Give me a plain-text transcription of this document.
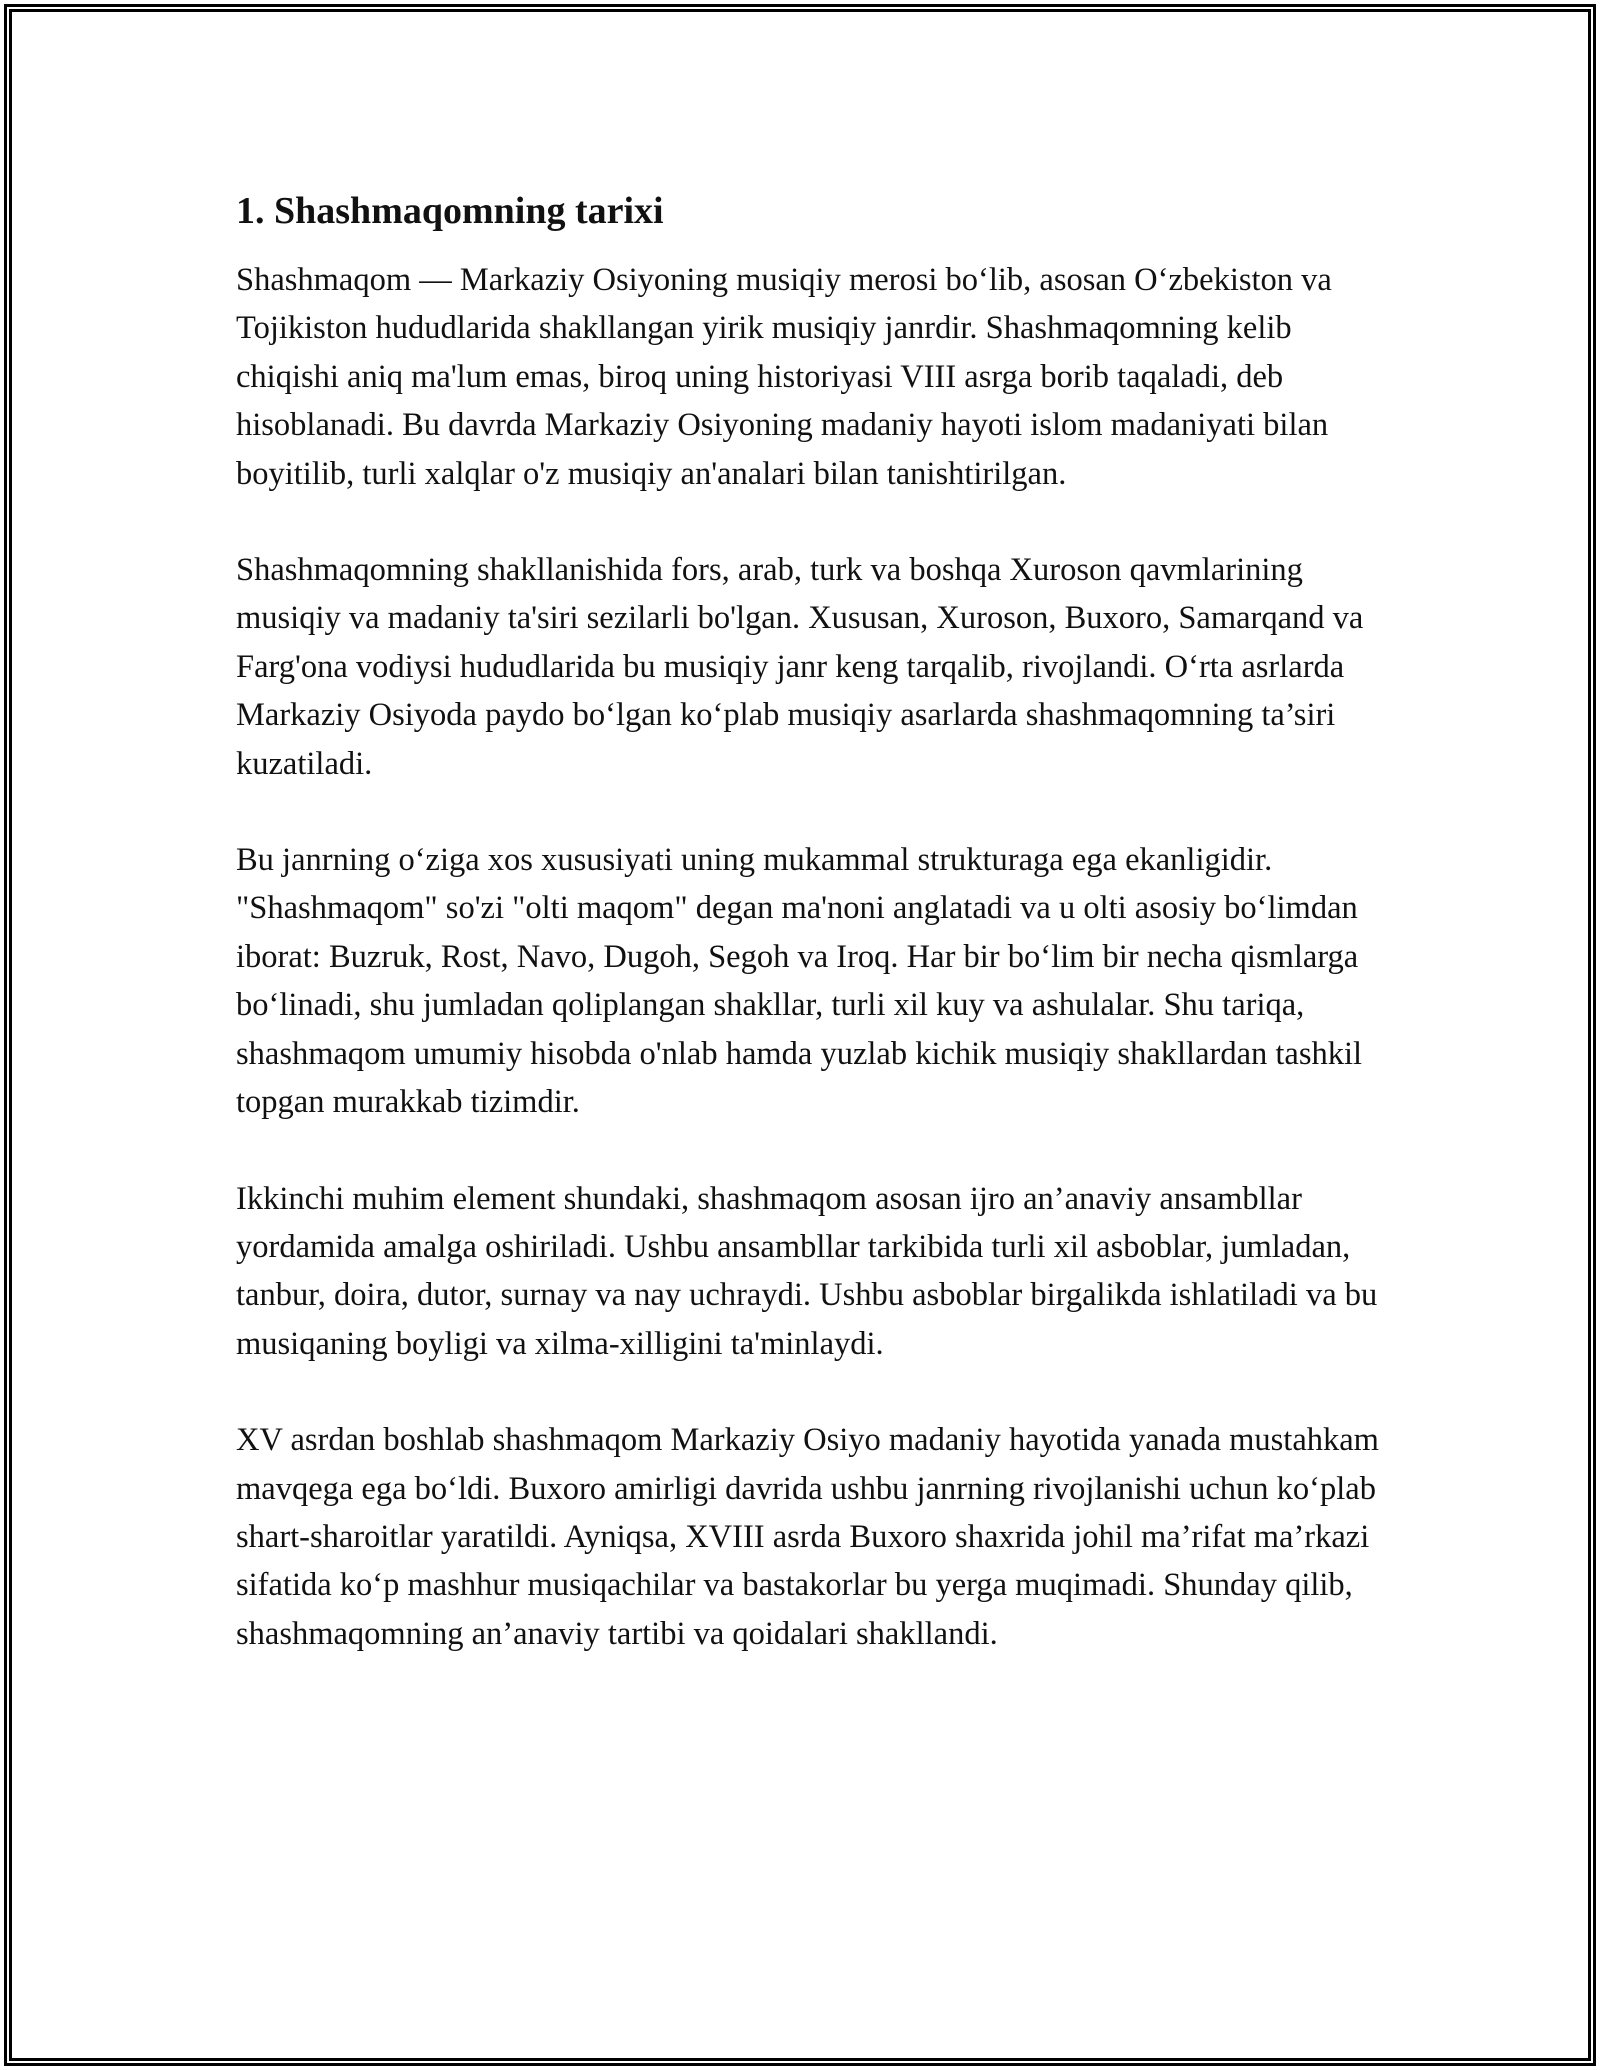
1. Shashmaqomning tarixi

Shashmaqom — Markaziy Osiyoning musiqiy merosi bo‘lib, asosan O‘zbekiston va Tojikiston hududlarida shakllangan yirik musiqiy janrdir. Shashmaqomning kelib chiqishi aniq ma'lum emas, biroq uning historiyasi VIII asrga borib taqaladi, deb hisoblanadi. Bu davrda Markaziy Osiyoning madaniy hayoti islom madaniyati bilan boyitilib, turli xalqlar o'z musiqiy an'analari bilan tanishtirilgan.

Shashmaqomning shakllanishida fors, arab, turk va boshqa Xuroson qavmlarining musiqiy va madaniy ta'siri sezilarli bo'lgan. Xususan, Xuroson, Buxoro, Samarqand va Farg'ona vodiysi hududlarida bu musiqiy janr keng tarqalib, rivojlandi. O‘rta asrlarda Markaziy Osiyoda paydo bo‘lgan ko‘plab musiqiy asarlarda shashmaqomning ta’siri kuzatiladi.

Bu janrning o‘ziga xos xususiyati uning mukammal strukturaga ega ekanligidir. "Shashmaqom" so'zi "olti maqom" degan ma'noni anglatadi va u olti asosiy bo‘limdan iborat: Buzruk, Rost, Navo, Dugoh, Segoh va Iroq. Har bir bo‘lim bir necha qismlarga bo‘linadi, shu jumladan qoliplangan shakllar, turli xil kuy va ashulalar. Shu tariqa, shashmaqom umumiy hisobda o'nlab hamda yuzlab kichik musiqiy shakllardan tashkil topgan murakkab tizimdir.

Ikkinchi muhim element shundaki, shashmaqom asosan ijro an’anaviy ansambllar yordamida amalga oshiriladi. Ushbu ansambllar tarkibida turli xil asboblar, jumladan, tanbur, doira, dutor, surnay va nay uchraydi. Ushbu asboblar birgalikda ishlatiladi va bu musiqaning boyligi va xilma-xilligini ta'minlaydi.

XV asrdan boshlab shashmaqom Markaziy Osiyo madaniy hayotida yanada mustahkam mavqega ega bo‘ldi. Buxoro amirligi davrida ushbu janrning rivojlanishi uchun ko‘plab shart-sharoitlar yaratildi. Ayniqsa, XVIII asrda Buxoro shaxrida johil ma’rifat ma’rkazi sifatida ko‘p mashhur musiqachilar va bastakorlar bu yerga muqimadi. Shunday qilib, shashmaqomning an’anaviy tartibi va qoidalari shakllandi.
